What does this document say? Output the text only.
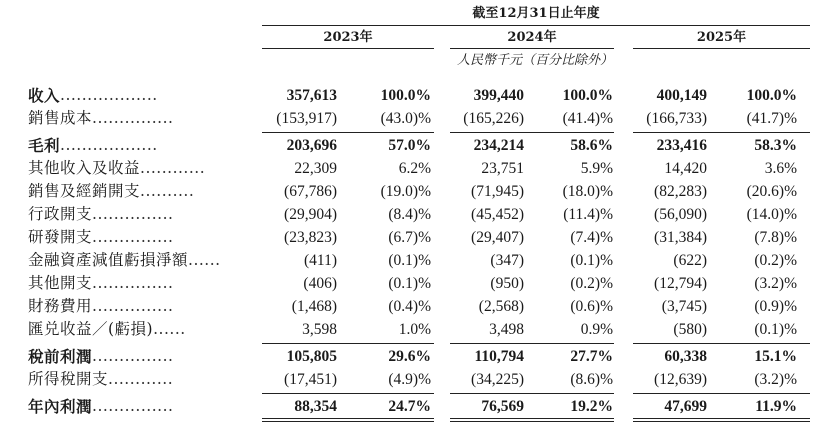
截至12月31日止年度
2023年	2024年	2025年
人民幣千元（百分比除外）
收入 ..................	357,613	100.0%	399,440 100.0%	400,149	100.0%
銷售成本 ...............	(153,917)	(43.0)% (165,226) (41.4)% (166,733)	(41.7)%
毛利 ..................	203,696	57.0%	234,214	58.6%	233,416	58.3%
其他收入及收益 ............	22,309	6.2%	23,751	5.9%	14,420	3.6%
銷售及經銷開支 ..........	(67,786)	(19.0)%	(71,945) (18.0)%	(82,283)	(20.6)%
行政開支 ...............	(29,904)	(8.4)%	(45,452)	(11.4)%	(56,090)	(14.0)%
研發開支 ...............	(23,823)	(6.7)%	(29,407)	(7.4)%	(31,384)	(7.8)%
金融資產減值虧損淨額 ......	(411)	(0.1)%	(347)	(0.1)%	(622)	(0.2)%
其他開支 ...............	(406)	(0.1)%	(950)	(0.2)%	(12,794)	(3.2)%
財務費用 ...............	(1,468)	(0.4)%	(2,568)	(0.6)%	(3,745)	(0.9)%
匯兑收益／(虧損) ......	3,598	1.0%	3,498	0.9%	(580)	(0.1)%
稅前利潤 ...............	105,805	29.6%	110,794	27.7%	60,338	15.1%
所得稅開支 ............	(17,451)	(4.9)%	(34,225)	(8.6)%	(12,639)	(3.2)%
年內利潤 ...............	88,354	24.7%	76,569	19.2%	47,699	11.9%
